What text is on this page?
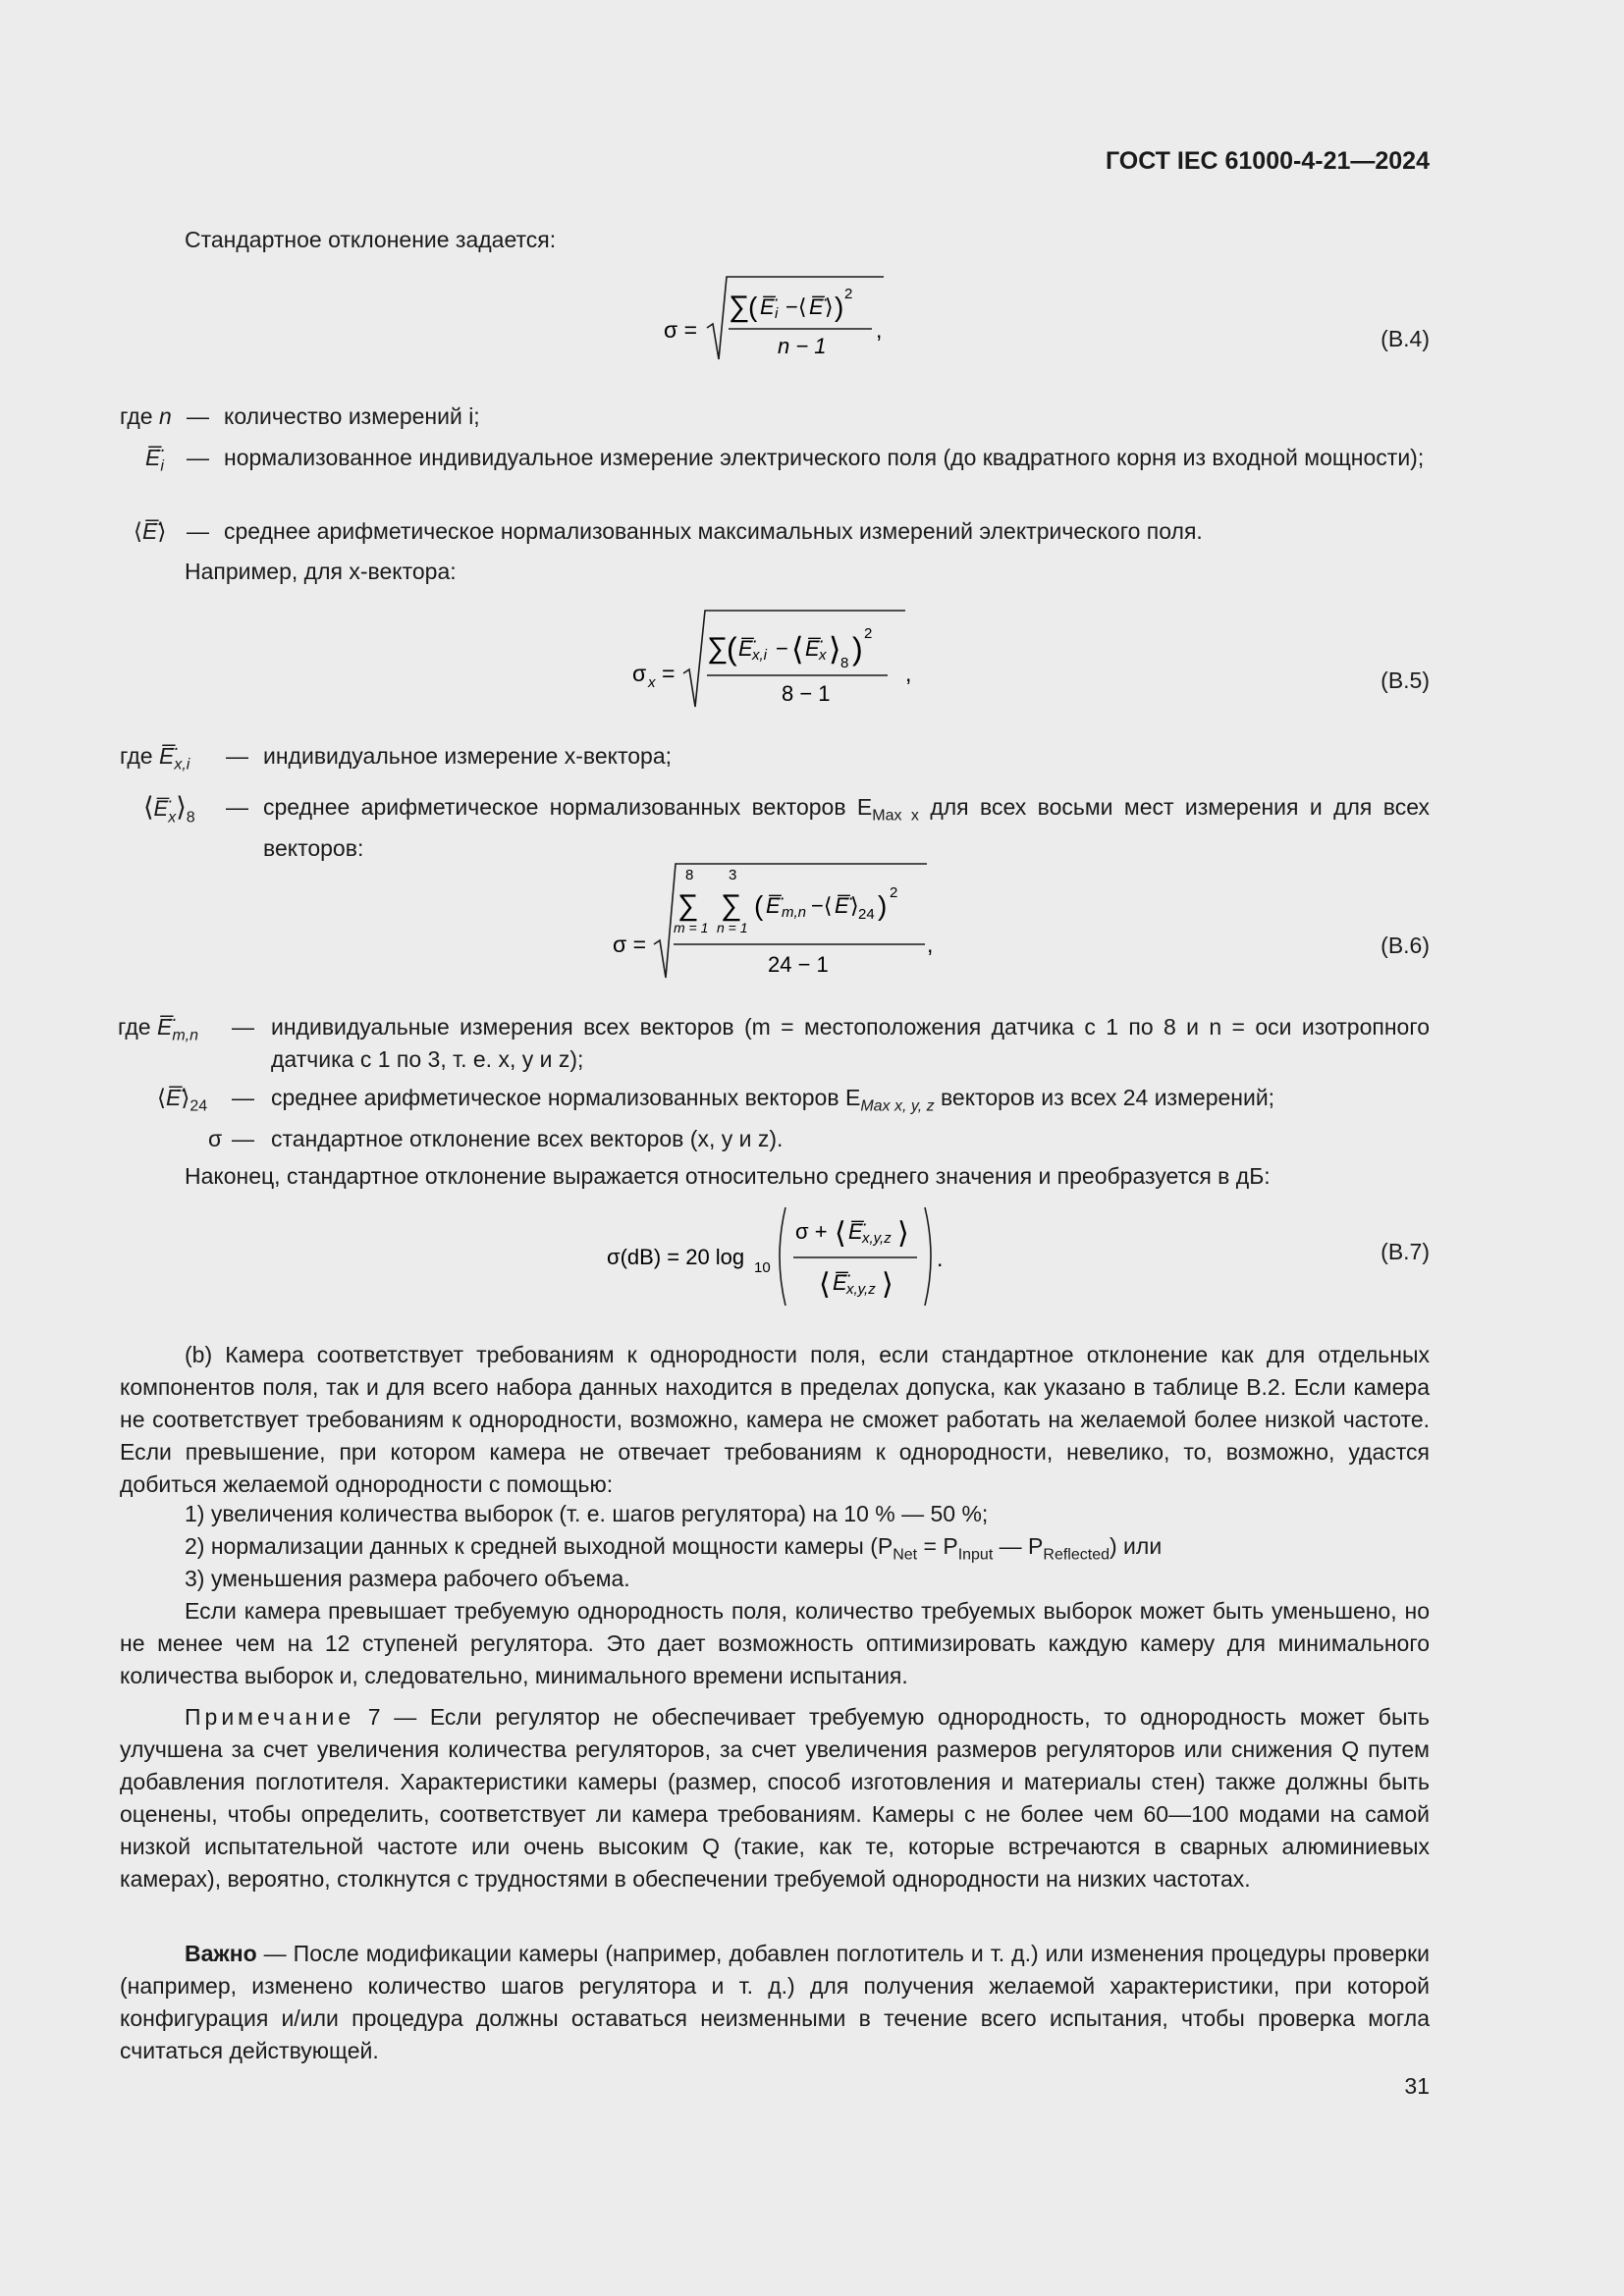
ГОСТ IEC 61000-4-21—2024
Стандартное отклонение задается:
σ =
∑
( E̅̈ i −⟨ E̅̈ ⟩ ) 2
n − 1
,	(B.4)
где n — количество измерений i;
$E̅̈_i$ — нормализованное индивидуальное измерение электрического поля (до квадратного корня из входной мощности);
⟨E̅̈⟩ — среднее арифметическое нормализованных максимальных измерений электрического поля.
Например, для x-вектора:
σ x =
∑
( E̅̈ x,i − ⟨ E̅̈ x ⟩ 8 ) 2
8 − 1
,	(B.5)
где $E̅̈_{x,i}$ — индивидуальное измерение x-вектора;
$⟨E̅̈_x⟩_8$ — среднее арифметическое нормализованных векторов $E_{Max x}$ для всех восьми мест измерения и для всех векторов:
σ =
8
∑
m = 1
3
∑
n = 1
( E̅̈ m,n −⟨ E̅̈ ⟩ 24 ) 2
24 − 1
,	(B.6)
где $E̅̈_{m,n}$ — индивидуальные измерения всех векторов (m = местоположения датчика с 1 по 8 и n = оси изотропного датчика с 1 по 3, т. е. x, y и z);
$⟨E̅̈⟩_{24}$ — среднее арифметическое нормализованных векторов $E_{Max x, y, z}$ векторов из всех 24 измерений;
σ — стандартное отклонение всех векторов (x, y и z).
Наконец, стандартное отклонение выражается относительно среднего значения и преобразуется в дБ:
σ(dB) = 20 log 10
σ + ⟨ E̅̈ x,y,z ⟩
⟨ E̅̈ x,y,z ⟩
.	(B.7)
(b) Камера соответствует требованиям к однородности поля, если стандартное отклонение как для отдельных компонентов поля, так и для всего набора данных находится в пределах допуска, как указано в таблице В.2. Если камера не соответствует требованиям к однородности, возможно, камера не сможет работать на желаемой более низкой частоте. Если превышение, при котором камера не отвечает требованиям к однородности, невелико, то, возможно, удастся добиться желаемой однородности с помощью:
1) увеличения количества выборок (т. е. шагов регулятора) на 10 % — 50 %;
2) нормализации данных к средней выходной мощности камеры ($P_{Net} = P_{Input}$ — $P_{Reflected}$) или
3) уменьшения размера рабочего объема.
Если камера превышает требуемую однородность поля, количество требуемых выборок может быть уменьшено, но не менее чем на 12 ступеней регулятора. Это дает возможность оптимизировать каждую камеру для минимального количества выборок и, следовательно, минимального времени испытания.
Примечание 7 — Если регулятор не обеспечивает требуемую однородность, то однородность может быть улучшена за счет увеличения количества регуляторов, за счет увеличения размеров регуляторов или снижения Q путем добавления поглотителя. Характеристики камеры (размер, способ изготовления и материалы стен) также должны быть оценены, чтобы определить, соответствует ли камера требованиям. Камеры с не более чем 60—100 модами на самой низкой испытательной частоте или очень высоким Q (такие, как те, которые встречаются в сварных алюминиевых камерах), вероятно, столкнутся с трудностями в обеспечении требуемой однородности на низких частотах.
Важно — После модификации камеры (например, добавлен поглотитель и т. д.) или изменения процедуры проверки (например, изменено количество шагов регулятора и т. д.) для получения желаемой характеристики, при которой конфигурация и/или процедура должны оставаться неизменными в течение всего испытания, чтобы проверка могла считаться действующей.
31
